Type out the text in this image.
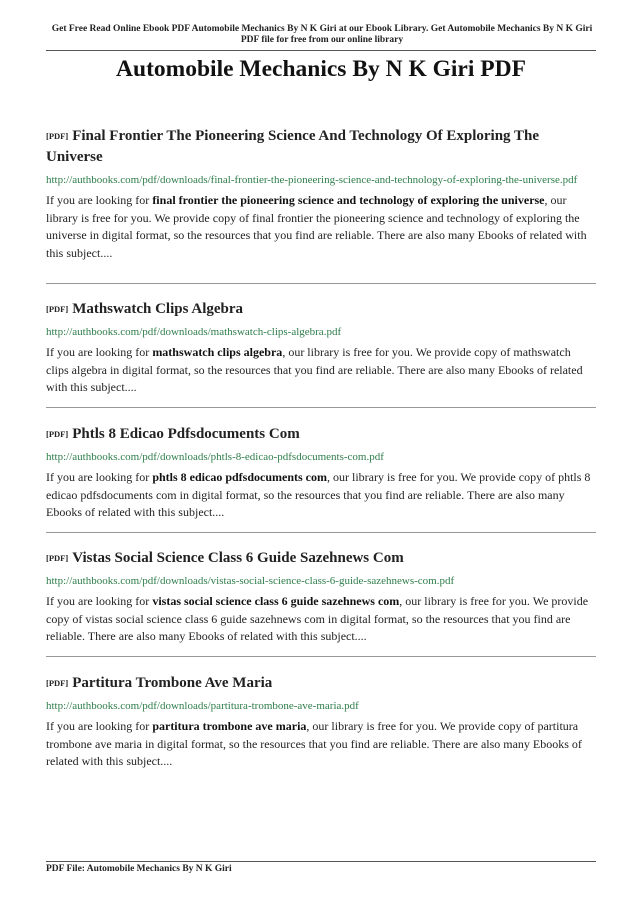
Get Free Read Online Ebook PDF Automobile Mechanics By N K Giri at our Ebook Library. Get Automobile Mechanics By N K Giri PDF file for free from our online library
Automobile Mechanics By N K Giri PDF
[PDF] Final Frontier The Pioneering Science And Technology Of Exploring The Universe
http://authbooks.com/pdf/downloads/final-frontier-the-pioneering-science-and-technology-of-exploring-the-universe.pdf
If you are looking for final frontier the pioneering science and technology of exploring the universe, our library is free for you. We provide copy of final frontier the pioneering science and technology of exploring the universe in digital format, so the resources that you find are reliable. There are also many Ebooks of related with this subject....
[PDF] Mathswatch Clips Algebra
http://authbooks.com/pdf/downloads/mathswatch-clips-algebra.pdf
If you are looking for mathswatch clips algebra, our library is free for you. We provide copy of mathswatch clips algebra in digital format, so the resources that you find are reliable. There are also many Ebooks of related with this subject....
[PDF] Phtls 8 Edicao Pdfsdocuments Com
http://authbooks.com/pdf/downloads/phtls-8-edicao-pdfsdocuments-com.pdf
If you are looking for phtls 8 edicao pdfsdocuments com, our library is free for you. We provide copy of phtls 8 edicao pdfsdocuments com in digital format, so the resources that you find are reliable. There are also many Ebooks of related with this subject....
[PDF] Vistas Social Science Class 6 Guide Sazehnews Com
http://authbooks.com/pdf/downloads/vistas-social-science-class-6-guide-sazehnews-com.pdf
If you are looking for vistas social science class 6 guide sazehnews com, our library is free for you. We provide copy of vistas social science class 6 guide sazehnews com in digital format, so the resources that you find are reliable. There are also many Ebooks of related with this subject....
[PDF] Partitura Trombone Ave Maria
http://authbooks.com/pdf/downloads/partitura-trombone-ave-maria.pdf
If you are looking for partitura trombone ave maria, our library is free for you. We provide copy of partitura trombone ave maria in digital format, so the resources that you find are reliable. There are also many Ebooks of related with this subject....
PDF File: Automobile Mechanics By N K Giri
